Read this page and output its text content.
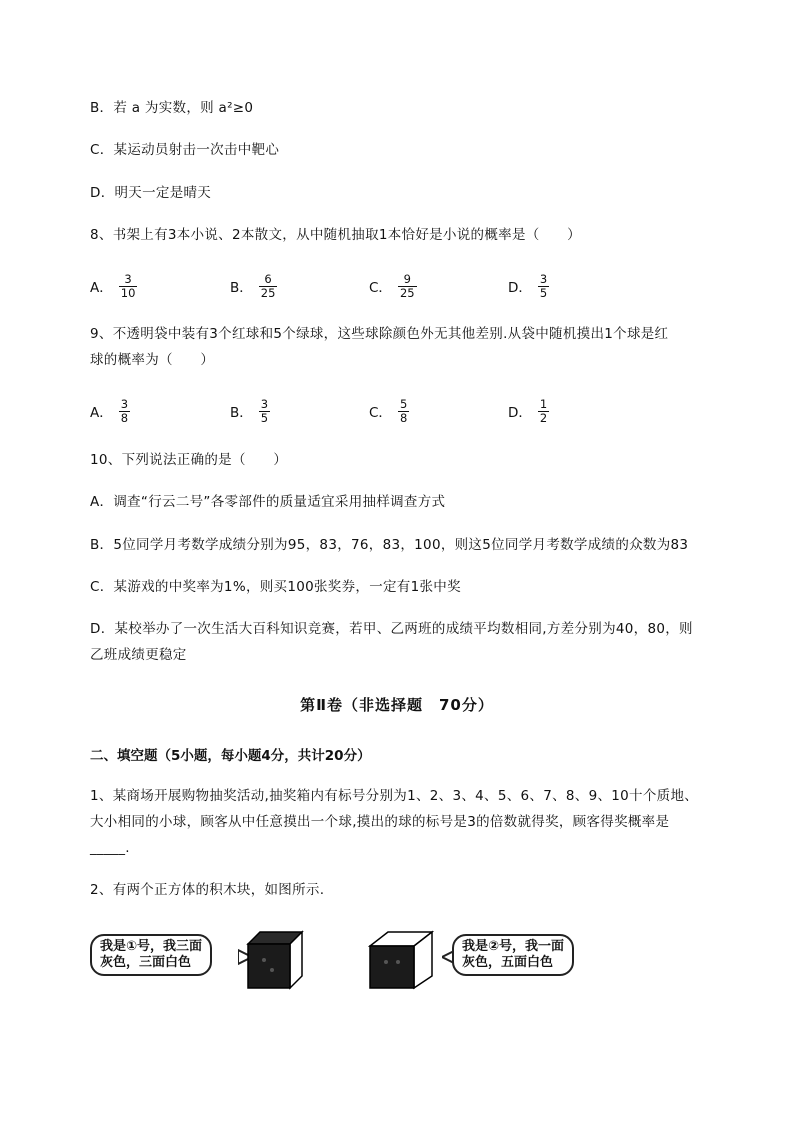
B．若 a 为实数，则 a²≥0
C．某运动员射击一次击中靶心
D．明天一定是晴天
8、书架上有3本小说、2本散文，从中随机抽取1本恰好是小说的概率是（　　）
A． $\frac{3}{10}$	B． $\frac{6}{25}$	C． $\frac{9}{25}$	D． $\frac{3}{5}$
9、不透明袋中装有3个红球和5个绿球，这些球除颜色外无其他差别.从袋中随机摸出1个球是红
球的概率为（　　）
A． $\frac{3}{8}$	B． $\frac{3}{5}$	C． $\frac{5}{8}$	D． $\frac{1}{2}$
10、下列说法正确的是（　　）
A．调查“行云二号”各零部件的质量适宜采用抽样调查方式
B．5位同学月考数学成绩分别为95，83，76，83，100，则这5位同学月考数学成绩的众数为83
C．某游戏的中奖率为1%，则买100张奖券，一定有1张中奖
D．某校举办了一次生活大百科知识竞赛，若甲、乙两班的成绩平均数相同,方差分别为40，80，则
乙班成绩更稳定
第Ⅱ卷（非选择题　70分）
二、填空题（5小题，每小题4分，共计20分）
1、某商场开展购物抽奖活动,抽奖箱内有标号分别为1、2、3、4、5、6、7、8、9、10十个质地、
大小相同的小球，顾客从中任意摸出一个球,摸出的球的标号是3的倍数就得奖，顾客得奖概率是
_____.
2、有两个正方体的积木块，如图所示.
我是①号，我三面
灰色，三面白色
我是②号，我一面
灰色，五面白色
